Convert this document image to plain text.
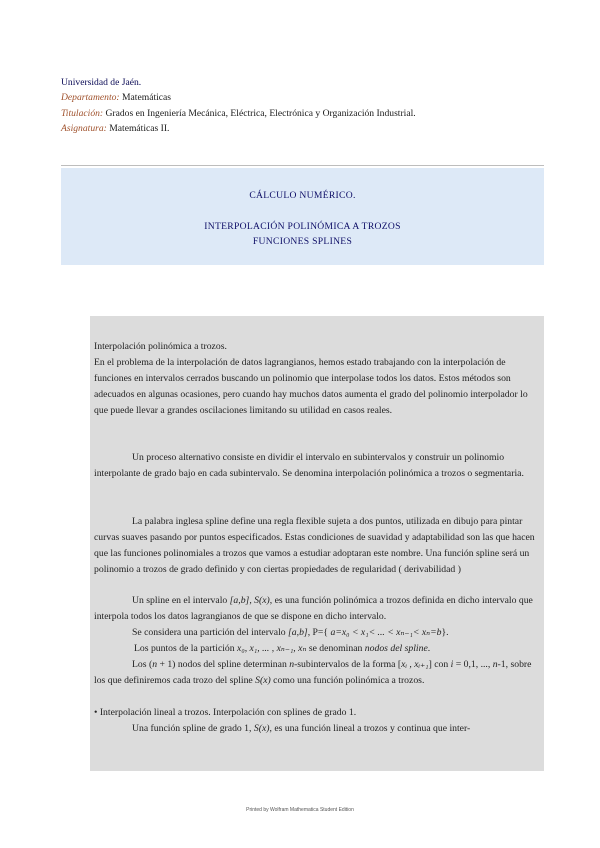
Universidad de Jaén.
Departamento: Matemáticas
Titulación: Grados en Ingeniería Mecánica, Eléctrica, Electrónica y Organización Industrial.
Asignatura: Matemáticas II.
CÁLCULO NUMÉRICO.
INTERPOLACIÓN POLINÓMICA A TROZOS
FUNCIONES SPLINES

Interpolación polinómica a trozos.

En el problema de la interpolación de datos lagrangianos, hemos estado trabajando con la interpolación de funciones en intervalos cerrados buscando un polinomio que interpolase todos los datos. Estos métodos son adecuados en algunas ocasiones, pero cuando hay muchos datos aumenta el grado del polinomio interpolador lo que puede llevar a grandes oscilaciones limitando su utilidad en casos reales.

Un proceso alternativo consiste en dividir el intervalo en subintervalos y construir un polinomio interpolante de grado bajo en cada subintervalo. Se denomina interpolación polinómica a trozos o segmentaria.

La palabra inglesa spline define una regla flexible sujeta a dos puntos, utilizada en dibujo para pintar curvas suaves pasando por puntos especificados. Estas condiciones de suavidad y adaptabilidad son las que hacen que las funciones polinomiales a trozos que vamos a estudiar adoptaran este nombre. Una función spline será un polinomio a trozos de grado definido y con ciertas propiedades de regularidad ( derivabilidad )

Un spline en el intervalo [a,b], S(x), es una función polinómica a trozos definida en dicho intervalo que interpola todos los datos lagrangianos de que se dispone en dicho intervalo.

Se considera una partición del intervalo [a,b], P={ a=x₀ < x₁< ... < xₙ₋₁< xₙ=b}.

Los puntos de la partición x₀, x₁, ... , xₙ₋₁, xₙ se denominan nodos del spline.

Los (n + 1) nodos del spline determinan n-subintervalos de la forma [xᵢ , xᵢ₊₁] con i = 0,1, ..., n-1, sobre los que definiremos cada trozo del spline S(x) como una función polinómica a trozos.

• Interpolación lineal a trozos. Interpolación con splines de grado 1.

Una función spline de grado 1, S(x), es una función lineal a trozos y continua que inter-

Printed by Wolfram Mathematica Student Edition
